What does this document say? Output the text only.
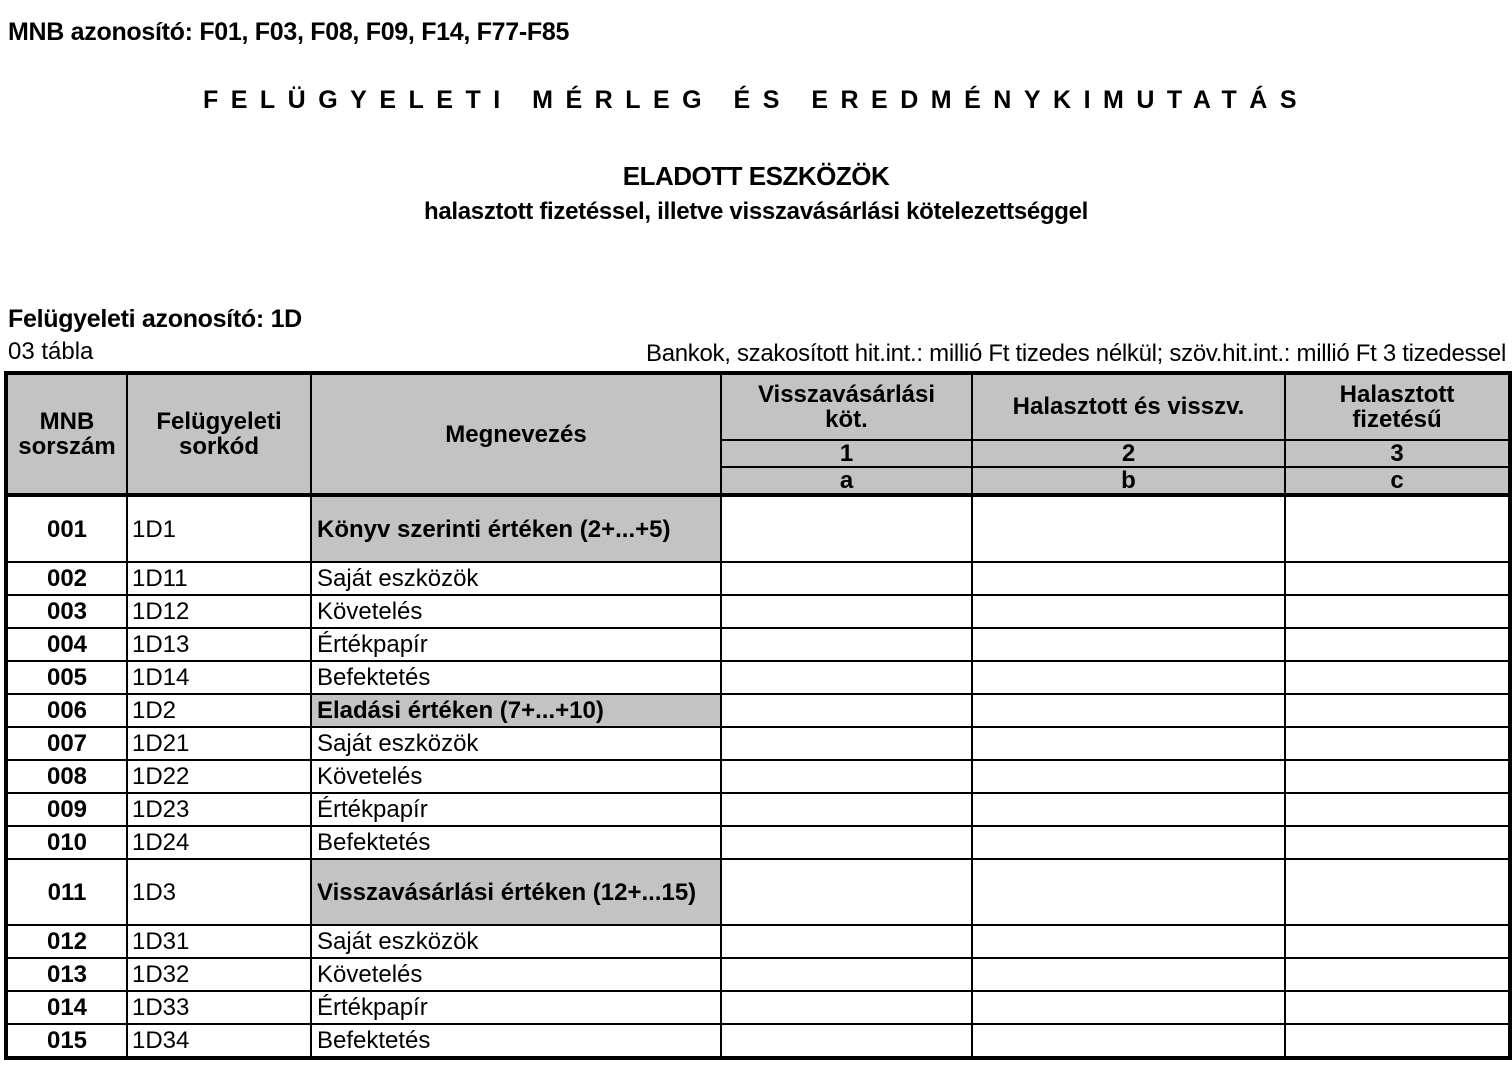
MNB azonosító: F01, F03, F08, F09, F14, F77-F85
FELÜGYELETI MÉRLEG ÉS EREDMÉNYKIMUTATÁS
ELADOTT ESZKÖZÖK
halasztott fizetéssel, illetve visszavásárlási kötelezettséggel
Felügyeleti azonosító: 1D
03 tábla	Bankok, szakosított hit.int.: millió Ft tizedes nélkül; szöv.hit.int.: millió Ft 3 tizedessel
MNB sorszám	Felügyeleti sorkód	Megnevezés	Visszavásárlási köt.	Halasztott és visszv.	Halasztott fizetésű
			1	2	3
			a	b	c
001	1D1	Könyv szerinti értéken (2+...+5)			
002	1D11	Saját eszközök			
003	1D12	Követelés			
004	1D13	Értékpapír			
005	1D14	Befektetés			
006	1D2	Eladási értéken (7+...+10)			
007	1D21	Saját eszközök			
008	1D22	Követelés			
009	1D23	Értékpapír			
010	1D24	Befektetés			
011	1D3	Visszavásárlási értéken (12+...15)			
012	1D31	Saját eszközök			
013	1D32	Követelés			
014	1D33	Értékpapír			
015	1D34	Befektetés			
